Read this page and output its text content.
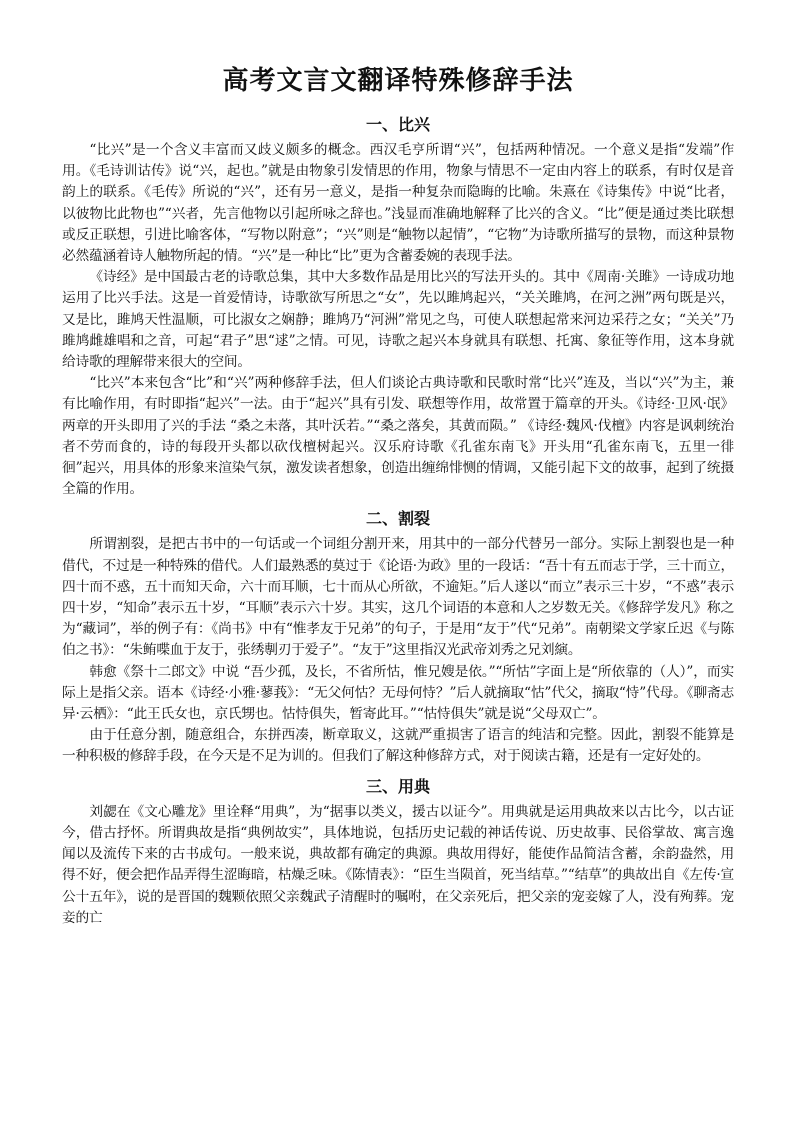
高考文言文翻译特殊修辞手法
一、比兴

“比兴”是一个含义丰富而又歧义颇多的概念。西汉毛亨所谓“兴”，包括两种情况。一个意义是指“发端”作用。《毛诗训诂传》说“兴，起也。”就是由物象引发情思的作用，物象与情思不一定由内容上的联系，有时仅是音韵上的联系。《毛传》所说的“兴”，还有另一意义，是指一种复杂而隐晦的比喻。朱熹在《诗集传》中说“比者，以彼物比此物也”“兴者，先言他物以引起所咏之辞也。”浅显而准确地解释了比兴的含义。“比”便是通过类比联想或反正联想，引进比喻客体，“写物以附意”；“兴”则是“触物以起情”，“它物”为诗歌所描写的景物，而这种景物必然蕴涵着诗人触物所起的情。“兴”是一种比“比”更为含蓄委婉的表现手法。

《诗经》是中国最古老的诗歌总集，其中大多数作品是用比兴的写法开头的。其中《周南·关雎》一诗成功地运用了比兴手法。这是一首爱情诗，诗歌欲写所思之“女”，先以雎鸠起兴，“关关雎鸠，在河之洲”两句既是兴，又是比，雎鸠天性温顺，可比淑女之娴静；雎鸠乃“河洲”常见之鸟，可使人联想起常来河边采荇之女；“关关”乃雎鸠雌雄唱和之音，可起“君子”思“逑”之情。可见，诗歌之起兴本身就具有联想、托寓、象征等作用，这本身就给诗歌的理解带来很大的空间。

“比兴”本来包含“比”和“兴”两种修辞手法，但人们谈论古典诗歌和民歌时常“比兴”连及，当以“兴”为主，兼有比喻作用，有时即指“起兴”一法。由于“起兴”具有引发、联想等作用，故常置于篇章的开头。《诗经·卫风·氓》两章的开头即用了兴的手法 “桑之未落，其叶沃若。”“桑之落矣，其黄而陨。” 《诗经·魏风·伐檀》内容是讽刺统治者不劳而食的，诗的每段开头都以砍伐檀树起兴。汉乐府诗歌《孔雀东南飞》开头用“孔雀东南飞，五里一徘徊”起兴，用具体的形象来渲染气氛，激发读者想象，创造出缠绵悱恻的情调，又能引起下文的故事，起到了统摄全篇的作用。

二、割裂

所谓割裂，是把古书中的一句话或一个词组分割开来，用其中的一部分代替另一部分。实际上割裂也是一种借代，不过是一种特殊的借代。人们最熟悉的莫过于《论语·为政》里的一段话：“吾十有五而志于学，三十而立，四十而不惑，五十而知天命，六十而耳顺，七十而从心所欲，不逾矩。”后人遂以“而立”表示三十岁，“不惑”表示四十岁，“知命”表示五十岁，“耳顺”表示六十岁。其实，这几个词语的本意和人之岁数无关。《修辞学发凡》称之为“藏词”，举的例子有：《尚书》中有“惟孝友于兄弟”的句子，于是用“友于”代“兄弟”。南朝梁文学家丘迟《与陈伯之书》：“朱鲔喋血于友于，张绣剸刃于爱子”。“友于”这里指汉光武帝刘秀之兄刘縯。

韩愈《祭十二郎文》中说 “吾少孤，及长，不省所怙，惟兄嫂是依。”“所怙”字面上是“所依靠的（人）”，而实际上是指父亲。语本《诗经·小雅·蓼莪》：“无父何怙？无母何恃？”后人就摘取“怙”代父，摘取“恃”代母。《聊斋志异·云栖》：“此王氏女也，京氏甥也。怙恃俱失，暂寄此耳。”“怙恃俱失”就是说“父母双亡”。

由于任意分割，随意组合，东拼西凑，断章取义，这就严重损害了语言的纯洁和完整。因此，割裂不能算是一种积极的修辞手段，在今天是不足为训的。但我们了解这种修辞方式，对于阅读古籍，还是有一定好处的。

三、用典

刘勰在《文心雕龙》里诠释“用典”，为“据事以类义，援古以证今”。用典就是运用典故来以古比今，以古证今，借古抒怀。所谓典故是指“典例故实”，具体地说，包括历史记载的神话传说、历史故事、民俗掌故、寓言逸闻以及流传下来的古书成句。一般来说，典故都有确定的典源。典故用得好，能使作品简洁含蓄，余韵盎然，用得不好，便会把作品弄得生涩晦暗，枯燥乏味。《陈情表》：“臣生当陨首，死当结草。”“结草”的典故出自《左传·宣公十五年》，说的是晋国的魏颗依照父亲魏武子清醒时的嘱咐，在父亲死后，把父亲的宠妾嫁了人，没有殉葬。宠妾的亡
